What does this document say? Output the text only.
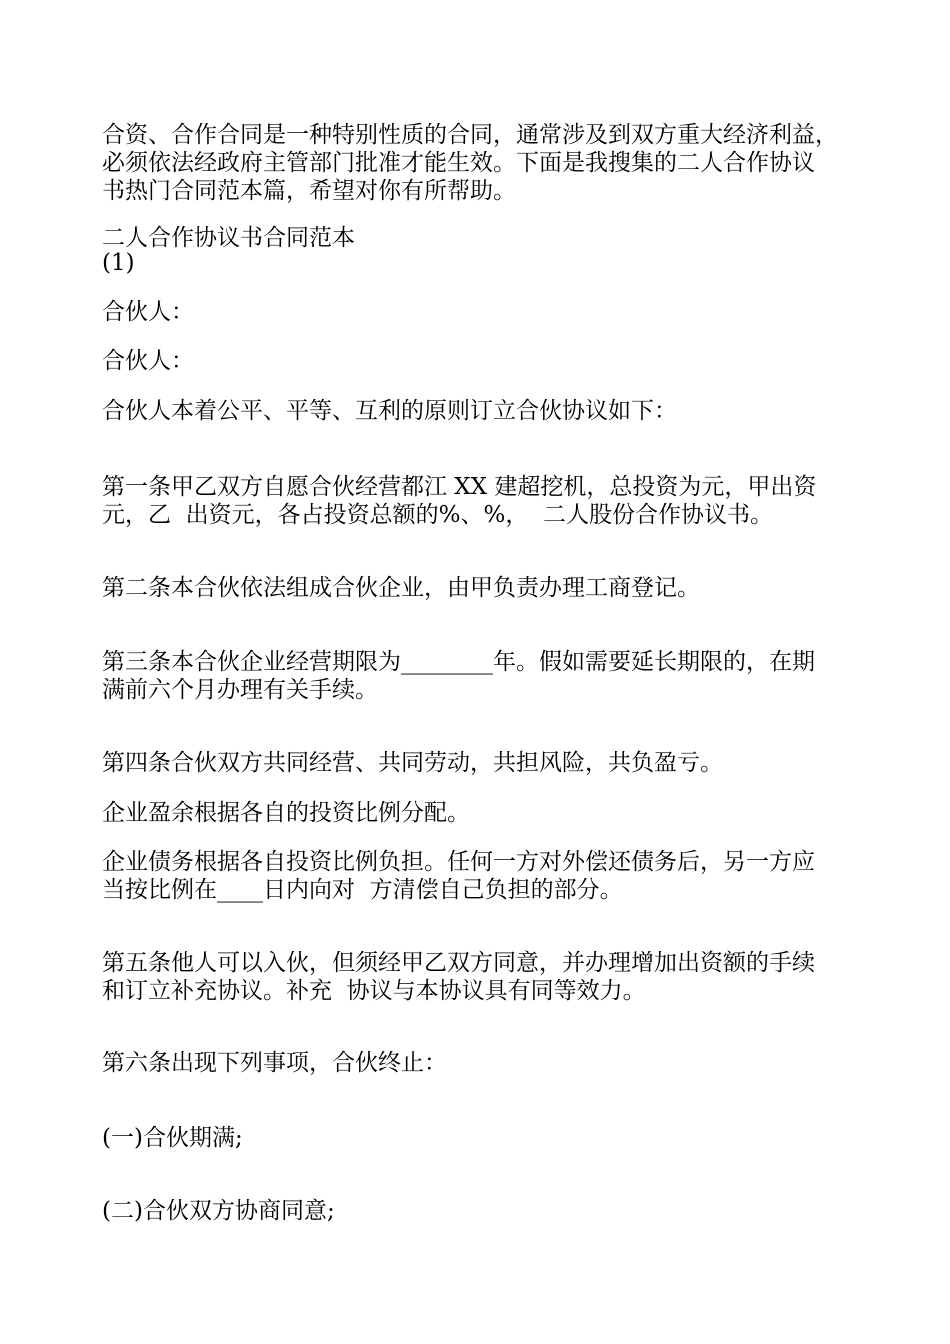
合资、合作合同是一种特别性质的合同，通常涉及到双方重大经济利益，

必须依法经政府主管部门批准才能生效。下面是我搜集的二人合作协议

书热门合同范本篇，希望对你有所帮助。

二人合作协议书合同范本

(1)

合伙人：

合伙人：

合伙人本着公平、平等、互利的原则订立合伙协议如下：

第一条甲乙双方自愿合伙经营都江 XX 建超挖机，总投资为元，甲出资

元，乙  出资元，各占投资总额的%、%，  二人股份合作协议书。

第二条本合伙依法组成合伙企业，由甲负责办理工商登记。

第三条本合伙企业经营期限为________年。假如需要延长期限的，在期

满前六个月办理有关手续。

第四条合伙双方共同经营、共同劳动，共担风险，共负盈亏。

企业盈余根据各自的投资比例分配。

企业债务根据各自投资比例负担。任何一方对外偿还债务后，另一方应

当按比例在____日内向对  方清偿自己负担的部分。

第五条他人可以入伙，但须经甲乙双方同意，并办理增加出资额的手续

和订立补充协议。补充  协议与本协议具有同等效力。

第六条出现下列事项，合伙终止：

(一)合伙期满;

(二)合伙双方协商同意;
